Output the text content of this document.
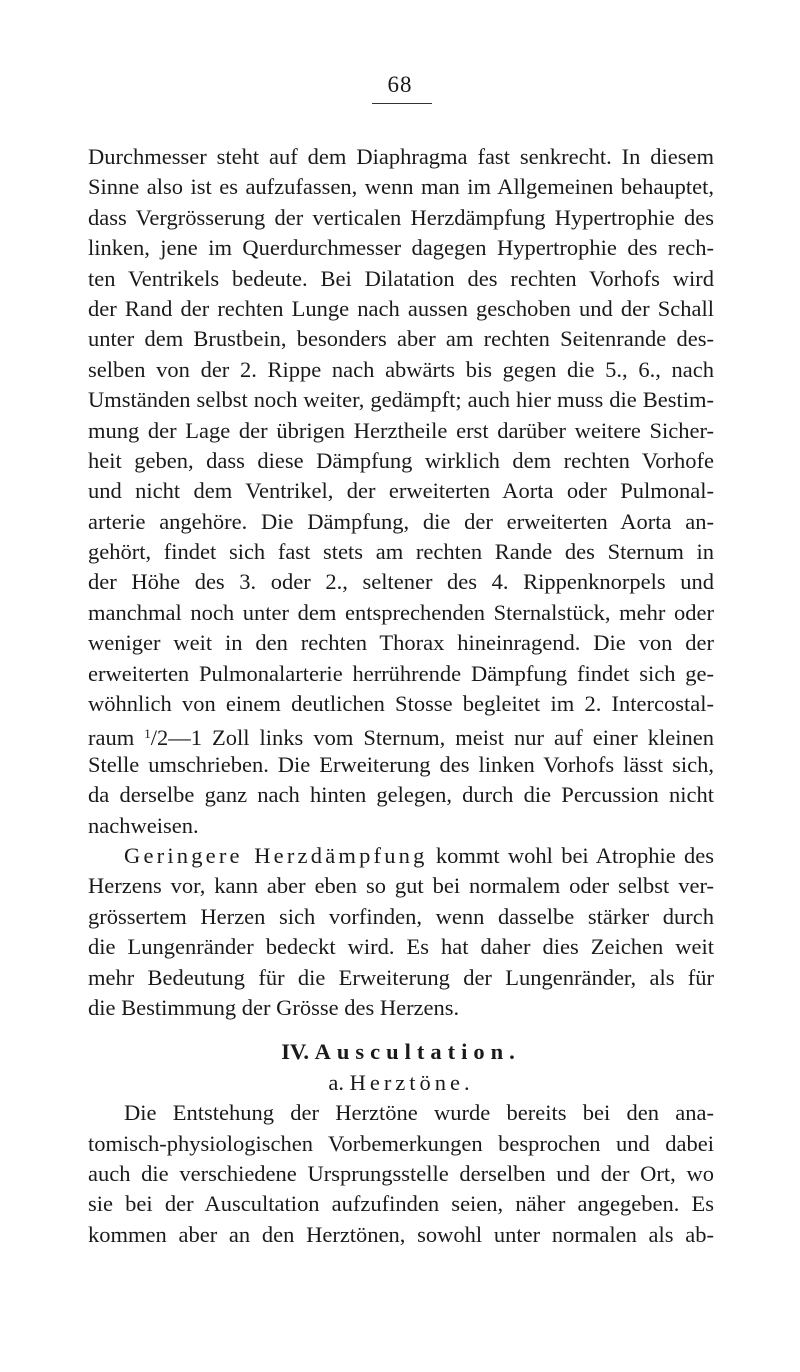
68
Durchmesser steht auf dem Diaphragma fast senkrecht. In diesem
Sinne also ist es aufzufassen, wenn man im Allgemeinen behauptet,
dass Vergrösserung der verticalen Herzdämpfung Hypertrophie des
linken, jene im Querdurchmesser dagegen Hypertrophie des rech-
ten Ventrikels bedeute. Bei Dilatation des rechten Vorhofs wird
der Rand der rechten Lunge nach aussen geschoben und der Schall
unter dem Brustbein, besonders aber am rechten Seitenrande des-
selben von der 2. Rippe nach abwärts bis gegen die 5., 6., nach
Umständen selbst noch weiter, gedämpft; auch hier muss die Bestim-
mung der Lage der übrigen Herztheile erst darüber weitere Sicher-
heit geben, dass diese Dämpfung wirklich dem rechten Vorhofe
und nicht dem Ventrikel, der erweiterten Aorta oder Pulmonal-
arterie angehöre. Die Dämpfung, die der erweiterten Aorta an-
gehört, findet sich fast stets am rechten Rande des Sternum in
der Höhe des 3. oder 2., seltener des 4. Rippenknorpels und
manchmal noch unter dem entsprechenden Sternalstück, mehr oder
weniger weit in den rechten Thorax hineinragend. Die von der
erweiterten Pulmonalarterie herrührende Dämpfung findet sich ge-
wöhnlich von einem deutlichen Stosse begleitet im 2. Intercostal-
raum $^1$/2—1 Zoll links vom Sternum, meist nur auf einer kleinen
Stelle umschrieben. Die Erweiterung des linken Vorhofs lässt sich,
da derselbe ganz nach hinten gelegen, durch die Percussion nicht
nachweisen.
Geringere Herzdämpfung kommt wohl bei Atrophie des
Herzens vor, kann aber eben so gut bei normalem oder selbst ver-
grössertem Herzen sich vorfinden, wenn dasselbe stärker durch
die Lungenränder bedeckt wird. Es hat daher dies Zeichen weit
mehr Bedeutung für die Erweiterung der Lungenränder, als für
die Bestimmung der Grösse des Herzens.
IV. Auscultation.
a. Herztöne.
Die Entstehung der Herztöne wurde bereits bei den ana-
tomisch-physiologischen Vorbemerkungen besprochen und dabei
auch die verschiedene Ursprungsstelle derselben und der Ort, wo
sie bei der Auscultation aufzufinden seien, näher angegeben. Es
kommen aber an den Herztönen, sowohl unter normalen als ab-
